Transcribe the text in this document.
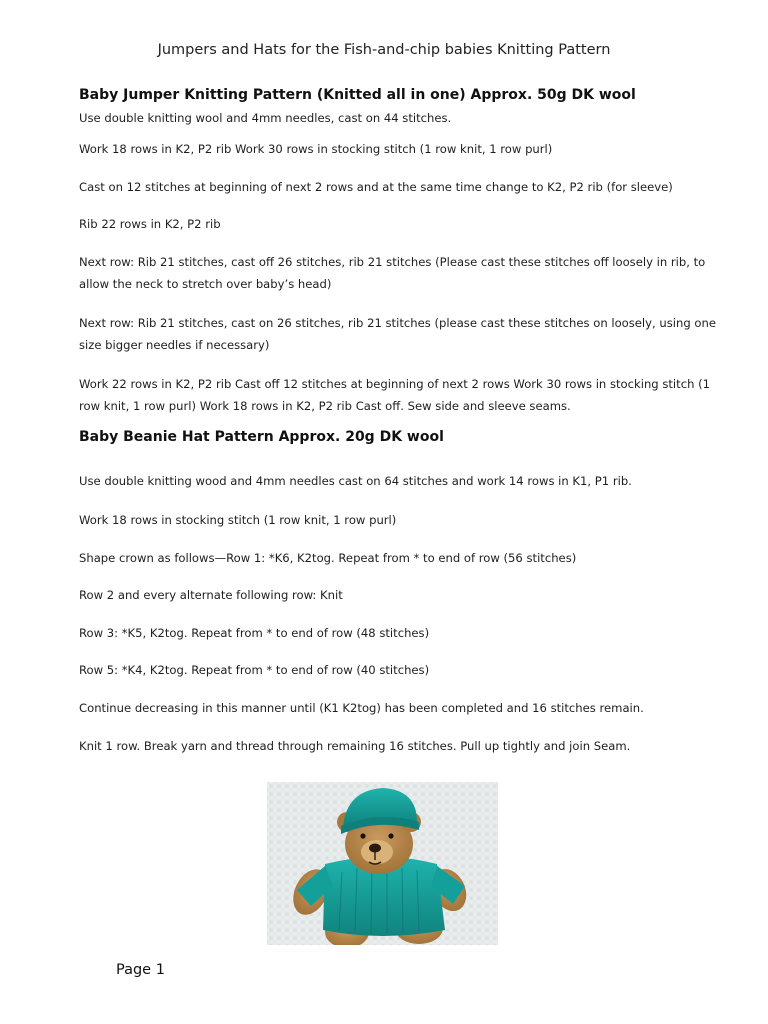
Jumpers and Hats for the Fish-and-chip babies Knitting Pattern
Baby Jumper Knitting Pattern (Knitted all in one) Approx. 50g DK wool
Use double knitting wool and 4mm needles, cast on 44 stitches.
Work 18 rows in K2, P2 rib Work 30 rows in stocking stitch (1 row knit, 1 row purl)
Cast on 12 stitches at beginning of next 2 rows and at the same time change to K2, P2 rib (for sleeve)
Rib 22 rows in K2, P2 rib
Next row: Rib 21 stitches, cast off 26 stitches, rib 21 stitches (Please cast these stitches off loosely in rib, to allow the neck to stretch over baby’s head)
Next row: Rib 21 stitches, cast on 26 stitches, rib 21 stitches (please cast these stitches on loosely, using one size bigger needles if necessary)
Work 22 rows in K2, P2 rib Cast off 12 stitches at beginning of next 2 rows Work 30 rows in stocking stitch (1 row knit, 1 row purl) Work 18 rows in K2, P2 rib Cast off. Sew side and sleeve seams.
Baby Beanie Hat Pattern Approx. 20g DK wool
Use double knitting wood and 4mm needles cast on 64 stitches and work 14 rows in K1, P1 rib.
Work 18 rows in stocking stitch (1 row knit, 1 row purl)
Shape crown as follows—Row 1: *K6, K2tog. Repeat from * to end of row (56 stitches)
Row 2 and every alternate following row: Knit
Row 3: *K5, K2tog. Repeat from * to end of row (48 stitches)
Row 5: *K4, K2tog. Repeat from * to end of row (40 stitches)
Continue decreasing in this manner until (K1 K2tog) has been completed and 16 stitches remain.
Knit 1 row. Break yarn and thread through remaining 16 stitches. Pull up tightly and join Seam.
Page 1
